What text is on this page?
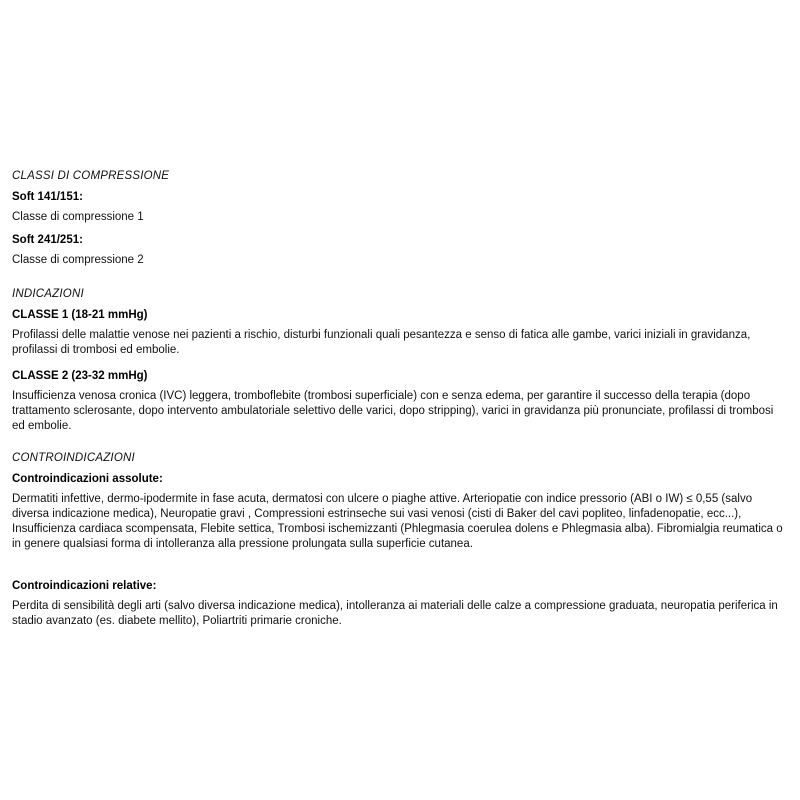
CLASSI DI COMPRESSIONE
Soft 141/151:
Classe di compressione 1
Soft 241/251:
Classe di compressione 2
INDICAZIONI
CLASSE 1 (18-21 mmHg)
Profilassi delle malattie venose nei pazienti a rischio, disturbi funzionali quali pesantezza e senso di fatica alle gambe, varici iniziali in gravidanza, profilassi di trombosi ed embolie.
CLASSE 2 (23-32 mmHg)
Insufficienza venosa cronica (IVC) leggera, tromboflebite (trombosi superficiale) con e senza edema, per garantire il successo della terapia (dopo trattamento sclerosante, dopo intervento ambulatoriale selettivo delle varici, dopo stripping), varici in gravidanza più pronunciate, profilassi di trombosi ed embolie.
CONTROINDICAZIONI
Controindicazioni assolute:
Dermatiti infettive, dermo-ipodermite in fase acuta, dermatosi con ulcere o piaghe attive. Arteriopatie con indice pressorio (ABI o IW) ≤ 0,55 (salvo diversa indicazione medica), Neuropatie gravi , Compressioni estrinseche sui vasi venosi (cisti di Baker del cavi popliteo, linfadenopatie, ecc...), Insufficienza cardiaca scompensata, Flebite settica, Trombosi ischemizzanti (Phlegmasia coerulea dolens e Phlegmasia alba). Fibromialgia reumatica o in genere qualsiasi forma di intolleranza alla pressione prolungata sulla superficie cutanea.
Controindicazioni relative:
Perdita di sensibilità degli arti (salvo diversa indicazione medica), intolleranza ai materiali delle calze a compressione graduata, neuropatia periferica in stadio avanzato (es. diabete mellito), Poliartriti primarie croniche.
